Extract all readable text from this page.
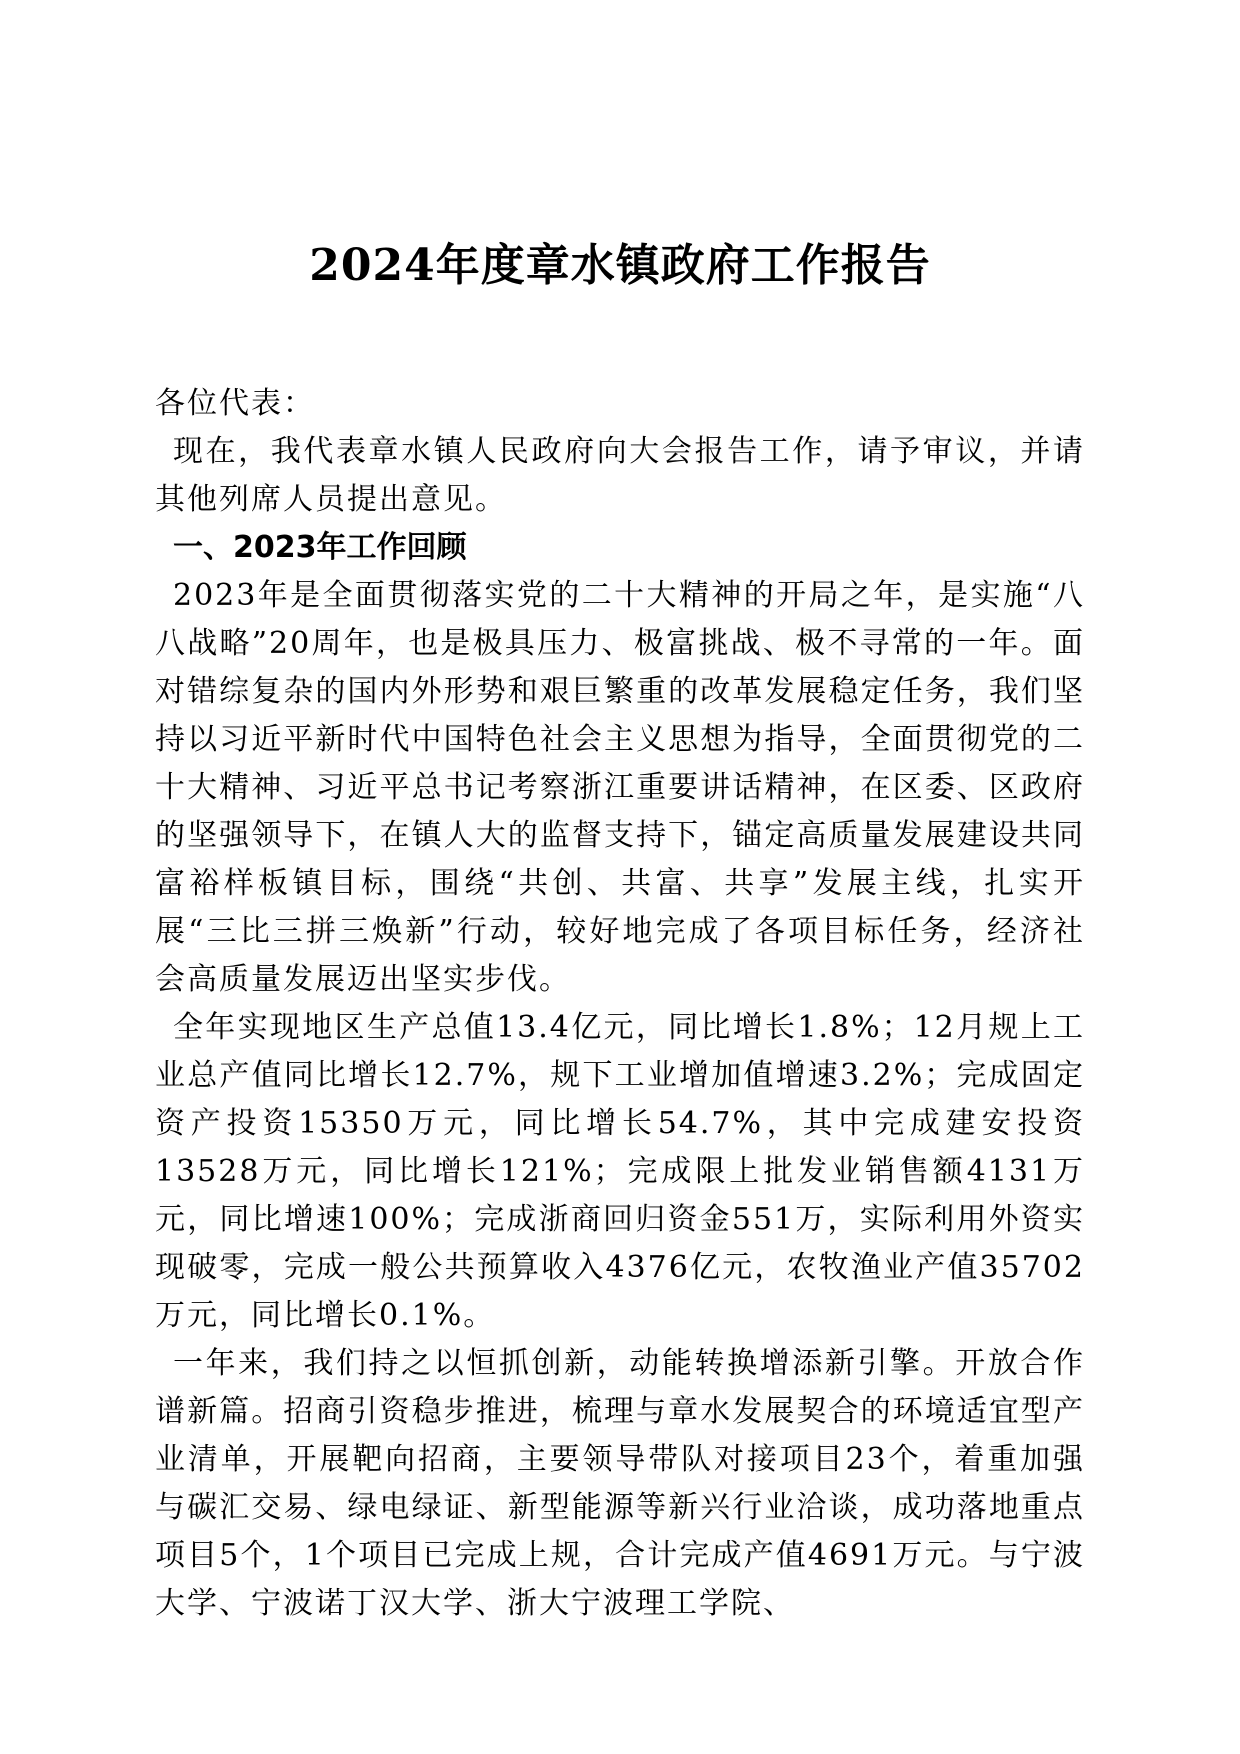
2024年度章水镇政府工作报告

各位代表：

现在，我代表章水镇人民政府向大会报告工作，请予审议，并请其他列席人员提出意见。

一、2023年工作回顾

2023年是全面贯彻落实党的二十大精神的开局之年，是实施“八八战略”20周年，也是极具压力、极富挑战、极不寻常的一年。面对错综复杂的国内外形势和艰巨繁重的改革发展稳定任务，我们坚持以习近平新时代中国特色社会主义思想为指导，全面贯彻党的二十大精神、习近平总书记考察浙江重要讲话精神，在区委、区政府的坚强领导下，在镇人大的监督支持下，锚定高质量发展建设共同富裕样板镇目标，围绕“共创、共富、共享”发展主线，扎实开展“三比三拼三焕新”行动，较好地完成了各项目标任务，经济社会高质量发展迈出坚实步伐。

全年实现地区生产总值13.4亿元，同比增长1.8%；12月规上工业总产值同比增长12.7%，规下工业增加值增速3.2%；完成固定资产投资15350万元，同比增长54.7%，其中完成建安投资13528万元，同比增长121%；完成限上批发业销售额4131万元，同比增速100%；完成浙商回归资金551万，实际利用外资实现破零，完成一般公共预算收入4376亿元，农牧渔业产值35702万元，同比增长0.1%。

一年来，我们持之以恒抓创新，动能转换增添新引擎。开放合作谱新篇。招商引资稳步推进，梳理与章水发展契合的环境适宜型产业清单，开展靶向招商，主要领导带队对接项目23个，着重加强与碳汇交易、绿电绿证、新型能源等新兴行业洽谈，成功落地重点项目5个，1个项目已完成上规，合计完成产值4691万元。与宁波大学、宁波诺丁汉大学、浙大宁波理工学院、
